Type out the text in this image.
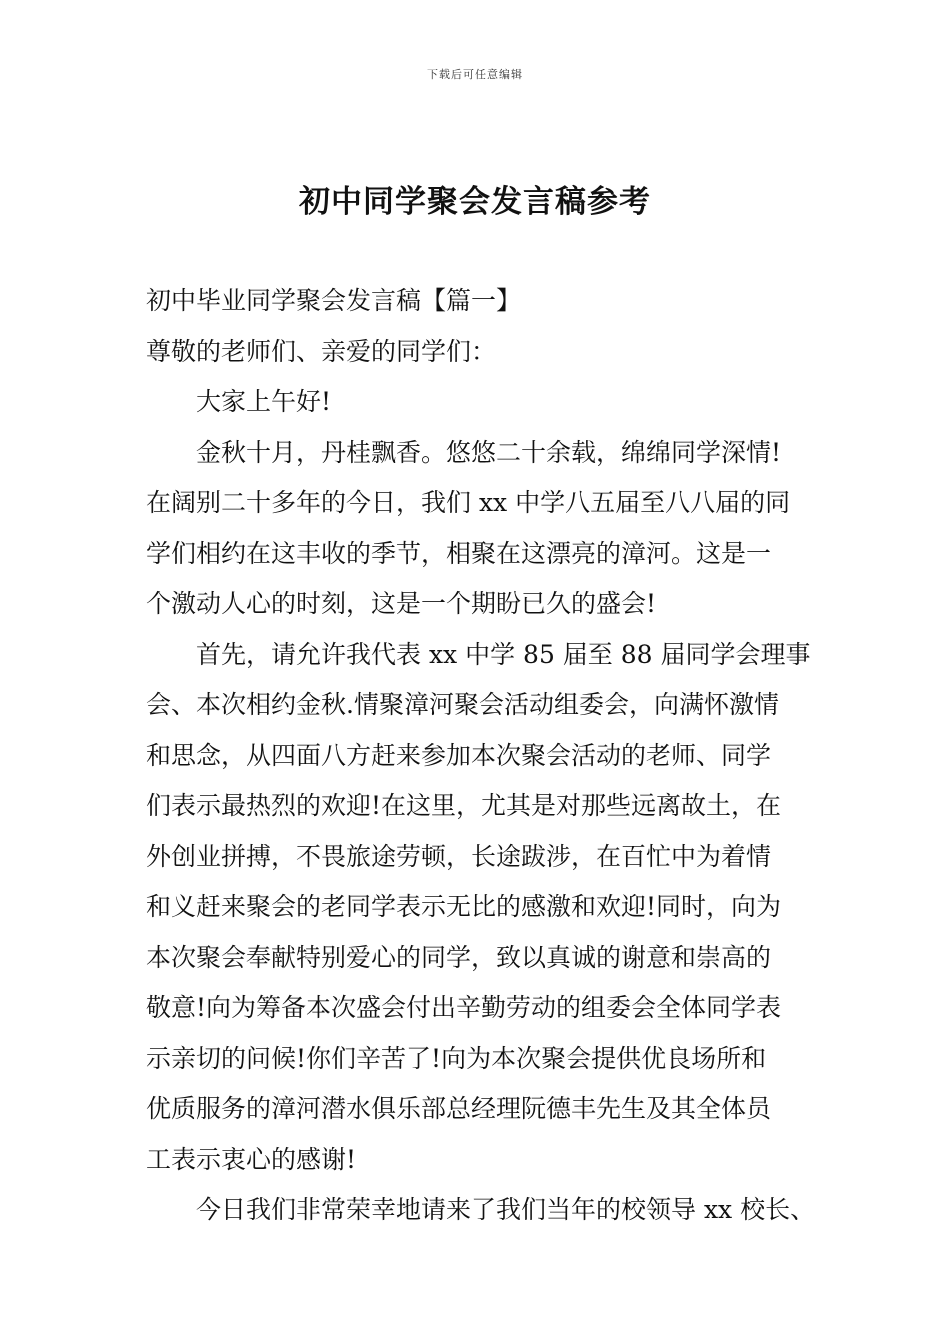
下载后可任意编辑
初中同学聚会发言稿参考
初中毕业同学聚会发言稿【篇一】
尊敬的老师们、亲爱的同学们：
大家上午好!
金秋十月，丹桂飘香。悠悠二十余载，绵绵同学深情!
在阔别二十多年的今日，我们 xx 中学八五届至八八届的同
学们相约在这丰收的季节，相聚在这漂亮的漳河。这是一
个激动人心的时刻，这是一个期盼已久的盛会!
首先，请允许我代表 xx 中学 85 届至 88 届同学会理事
会、本次相约金秋.情聚漳河聚会活动组委会，向满怀激情
和思念，从四面八方赶来参加本次聚会活动的老师、同学
们表示最热烈的欢迎!在这里，尤其是对那些远离故土，在
外创业拼搏，不畏旅途劳顿，长途跋涉，在百忙中为着情
和义赶来聚会的老同学表示无比的感激和欢迎!同时，向为
本次聚会奉献特别爱心的同学，致以真诚的谢意和崇高的
敬意!向为筹备本次盛会付出辛勤劳动的组委会全体同学表
示亲切的问候!你们辛苦了!向为本次聚会提供优良场所和
优质服务的漳河潜水俱乐部总经理阮德丰先生及其全体员
工表示衷心的感谢!
今日我们非常荣幸地请来了我们当年的校领导 xx 校长、
